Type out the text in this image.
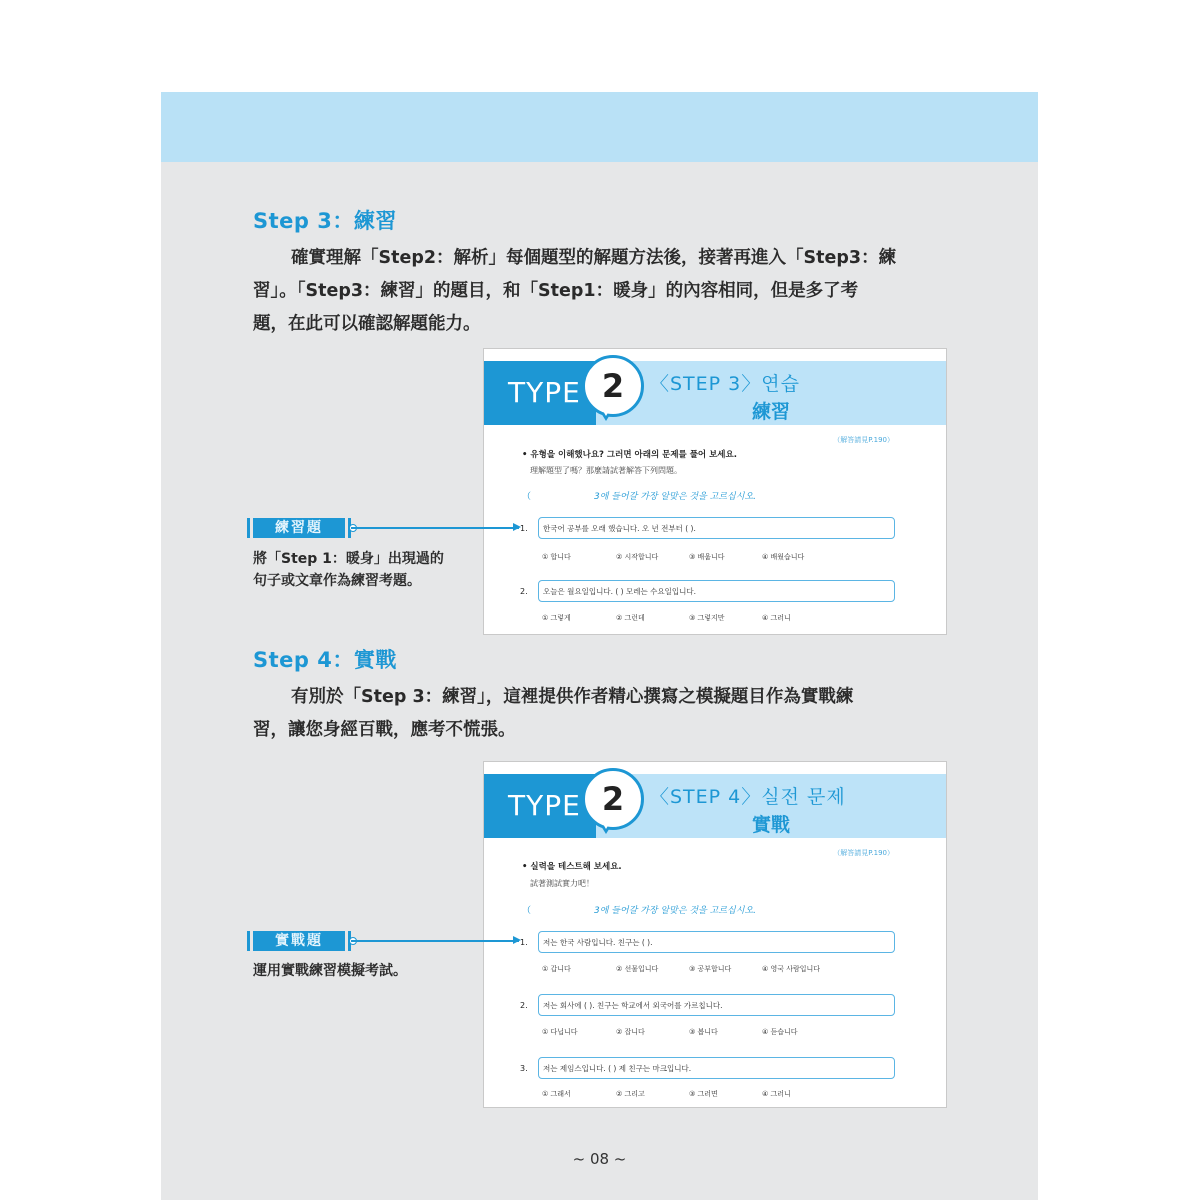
Step 3：練習
確實理解「Step2：解析」每個題型的解題方法後，接著再進入「Step3：練
習」。「Step3：練習」的題目，和「Step1：暖身」的內容相同，但是多了考
題，在此可以確認解題能力。
TYPE 2	〈STEP 3〉연습
練習
（解答請見P.190）
• 유형을 이해했나요? 그러면 아래의 문제를 풀어 보세요.
理解題型了嗎？那麼請試著解答下列問題。
（	3에 들어갈 가장 알맞은 것을 고르십시오.
1.	한국어 공부를 오래 했습니다. 오 년 전부터 ( ).
① 합니다	② 시작합니다	③ 배웁니다	④ 배웠습니다
2.	오늘은 월요일입니다. ( ) 모레는 수요일입니다.
① 그렇게	② 그런데	③ 그렇지만	④ 그러니
練習題
將「Step 1：暖身」出現過的
句子或文章作為練習考題。
Step 4：實戰
有別於「Step 3：練習」，這裡提供作者精心撰寫之模擬題目作為實戰練
習，讓您身經百戰，應考不慌張。
TYPE 2	〈STEP 4〉실전 문제
實戰
（解答請見P.190）
• 실력을 테스트해 보세요.
試著測試實力吧！
（	3에 들어갈 가장 알맞은 것을 고르십시오.
1.	저는 한국 사람입니다. 친구는 ( ).
① 갑니다	② 선물입니다	③ 공부합니다	④ 영국 사람입니다
2.	저는 회사에 ( ). 친구는 학교에서 외국어를 가르칩니다.
① 다닙니다	② 잡니다	③ 봅니다	④ 듣습니다
3.	저는 제임스입니다. ( ) 제 친구는 마크입니다.
① 그래서	② 그리고	③ 그러면	④ 그러니
實戰題
運用實戰練習模擬考試。
~ 08 ~
